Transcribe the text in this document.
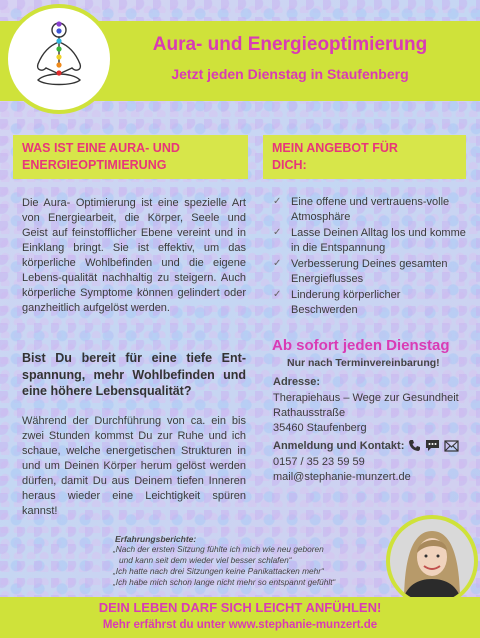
Aura- und Energieoptimierung
Jetzt jeden Dienstag in Staufenberg
WAS IST EINE AURA- UND
ENERGIEOPTIMIERUNG
Die Aura- Optimierung ist eine spezielle Art von Energiearbeit, die Körper, Seele und Geist auf feinstofflicher Ebene vereint und in Einklang bringt. Sie ist effektiv, um das körperliche Wohlbefinden und die eigene Lebens-qualität nachhaltig zu steigern. Auch körperliche Symptome können gelindert oder ganzheitlich aufgelöst werden.
Bist Du bereit für eine tiefe Ent-spannung, mehr Wohlbefinden und eine höhere Lebensqualität?
Während der Durchführung von ca. ein bis zwei Stunden kommst Du zur Ruhe und ich schaue, welche energetischen Strukturen in und um Deinen Körper herum gelöst werden dürfen, damit Du aus Deinem tiefen Inneren heraus wieder eine Leichtigkeit spüren kannst!
MEIN ANGEBOT FÜR
DICH:
✓ Eine offene und vertrauens-volle Atmosphäre
✓ Lasse Deinen Alltag los und komme in die Entspannung
✓ Verbesserung Deines gesamten Energieflusses
✓ Linderung körperlicher Beschwerden
Ab sofort jeden Dienstag
Nur nach Terminvereinbarung!
Adresse:
Therapiehaus – Wege zur Gesundheit
Rathausstraße
35460 Staufenberg
Anmeldung und Kontakt:
0157 / 35 23 59 59
mail@stephanie-munzert.de
Erfahrungsberichte:
„Nach der ersten Sitzung fühlte ich mich wie neu geboren
und kann seit dem wieder viel besser schlafen“
„Ich hatte nach drei Sitzungen keine Panikattacken mehr“
„Ich habe mich schon lange nicht mehr so entspannt gefühlt“
DEIN LEBEN DARF SICH LEICHT ANFÜHLEN!
Mehr erfährst du unter www.stephanie-munzert.de
